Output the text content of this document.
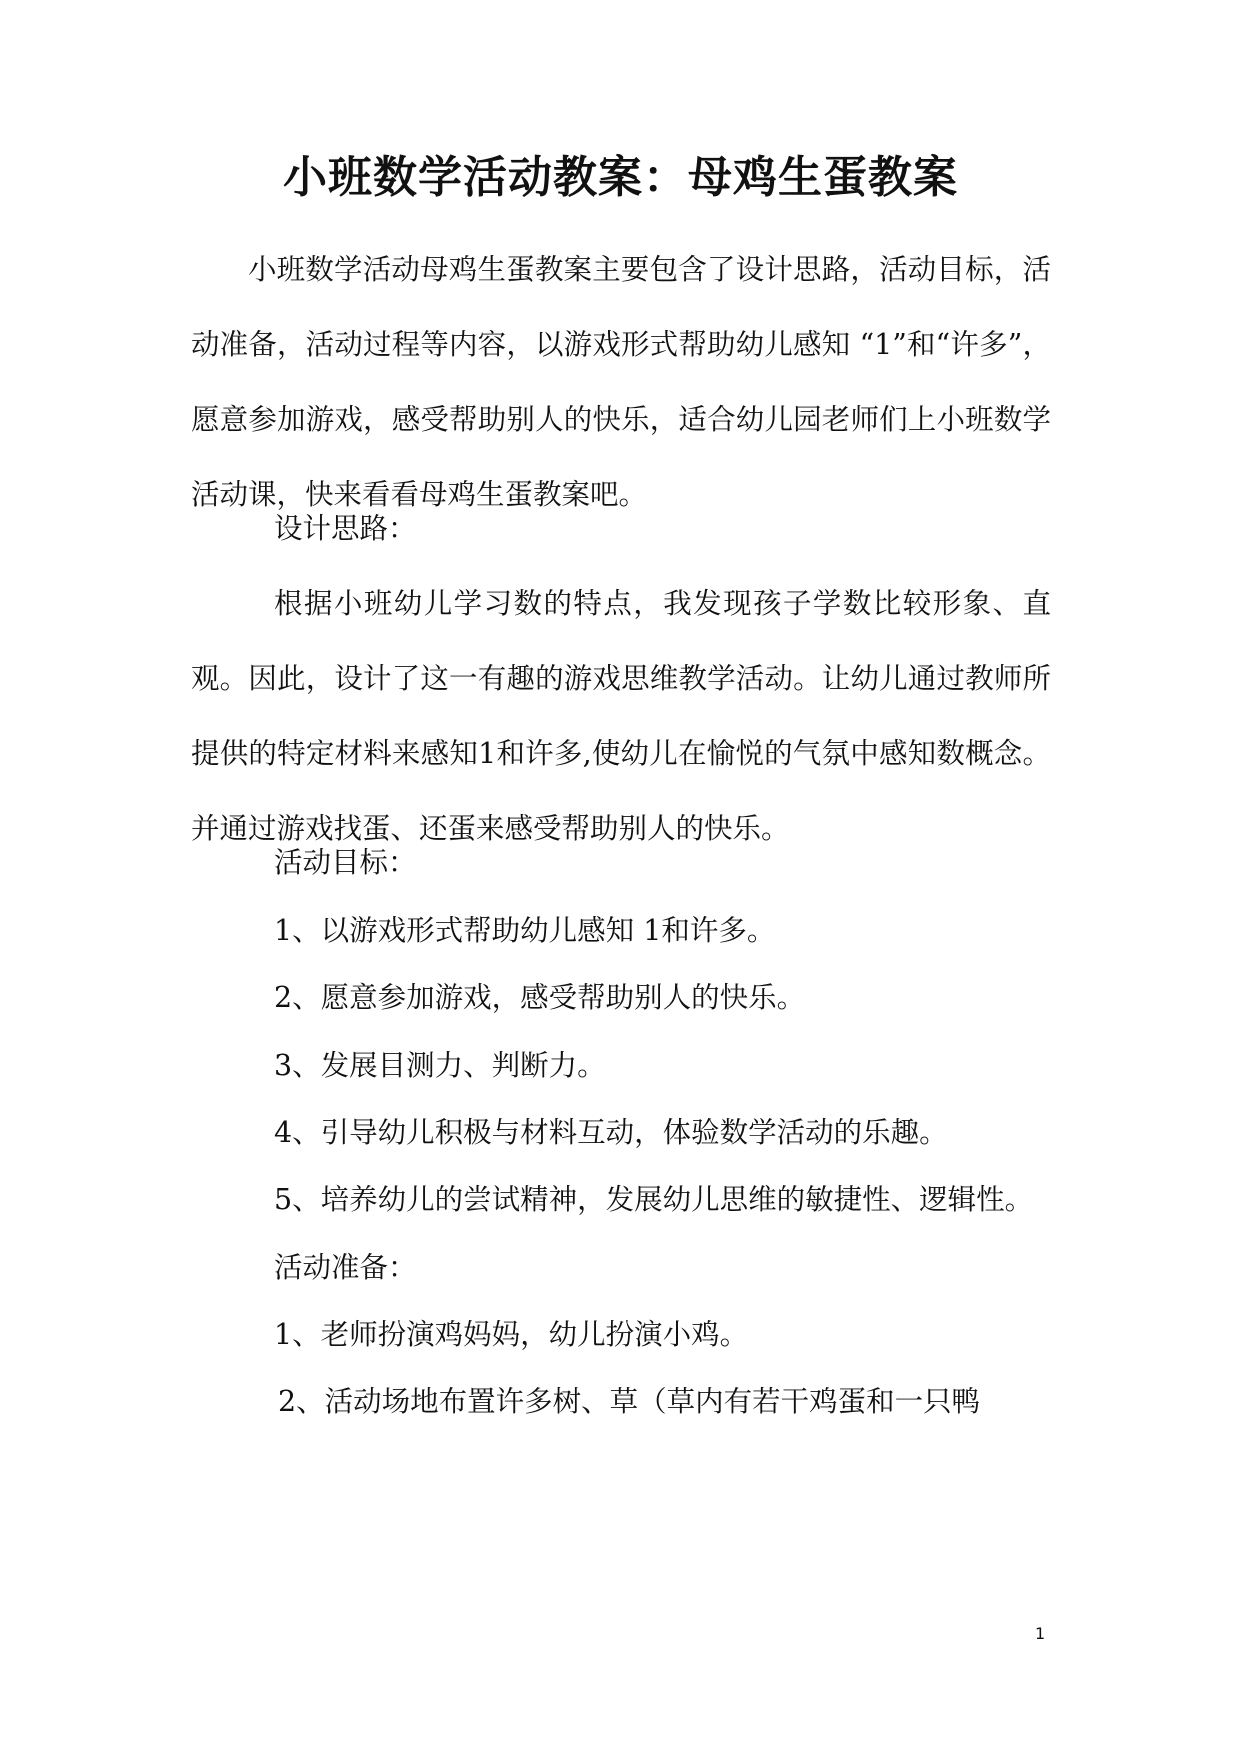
小班数学活动教案：母鸡生蛋教案
小班数学活动母鸡生蛋教案主要包含了设计思路，活动目标，活动准备，活动过程等内容，以游戏形式帮助幼儿感知 “1”和“许多”，愿意参加游戏，感受帮助别人的快乐，适合幼儿园老师们上小班数学活动课，快来看看母鸡生蛋教案吧。
设计思路：
根据小班幼儿学习数的特点，我发现孩子学数比较形象、直观。因此，设计了这一有趣的游戏思维教学活动。让幼儿通过教师所提供的特定材料来感知1和许多,使幼儿在愉悦的气氛中感知数概念。并通过游戏找蛋、还蛋来感受帮助别人的快乐。
活动目标：
1、以游戏形式帮助幼儿感知 1和许多。
2、愿意参加游戏，感受帮助别人的快乐。
3、发展目测力、判断力。
4、引导幼儿积极与材料互动，体验数学活动的乐趣。
5、培养幼儿的尝试精神，发展幼儿思维的敏捷性、逻辑性。
活动准备：
1、老师扮演鸡妈妈，幼儿扮演小鸡。
2、活动场地布置许多树、草（草内有若干鸡蛋和一只鸭
1
